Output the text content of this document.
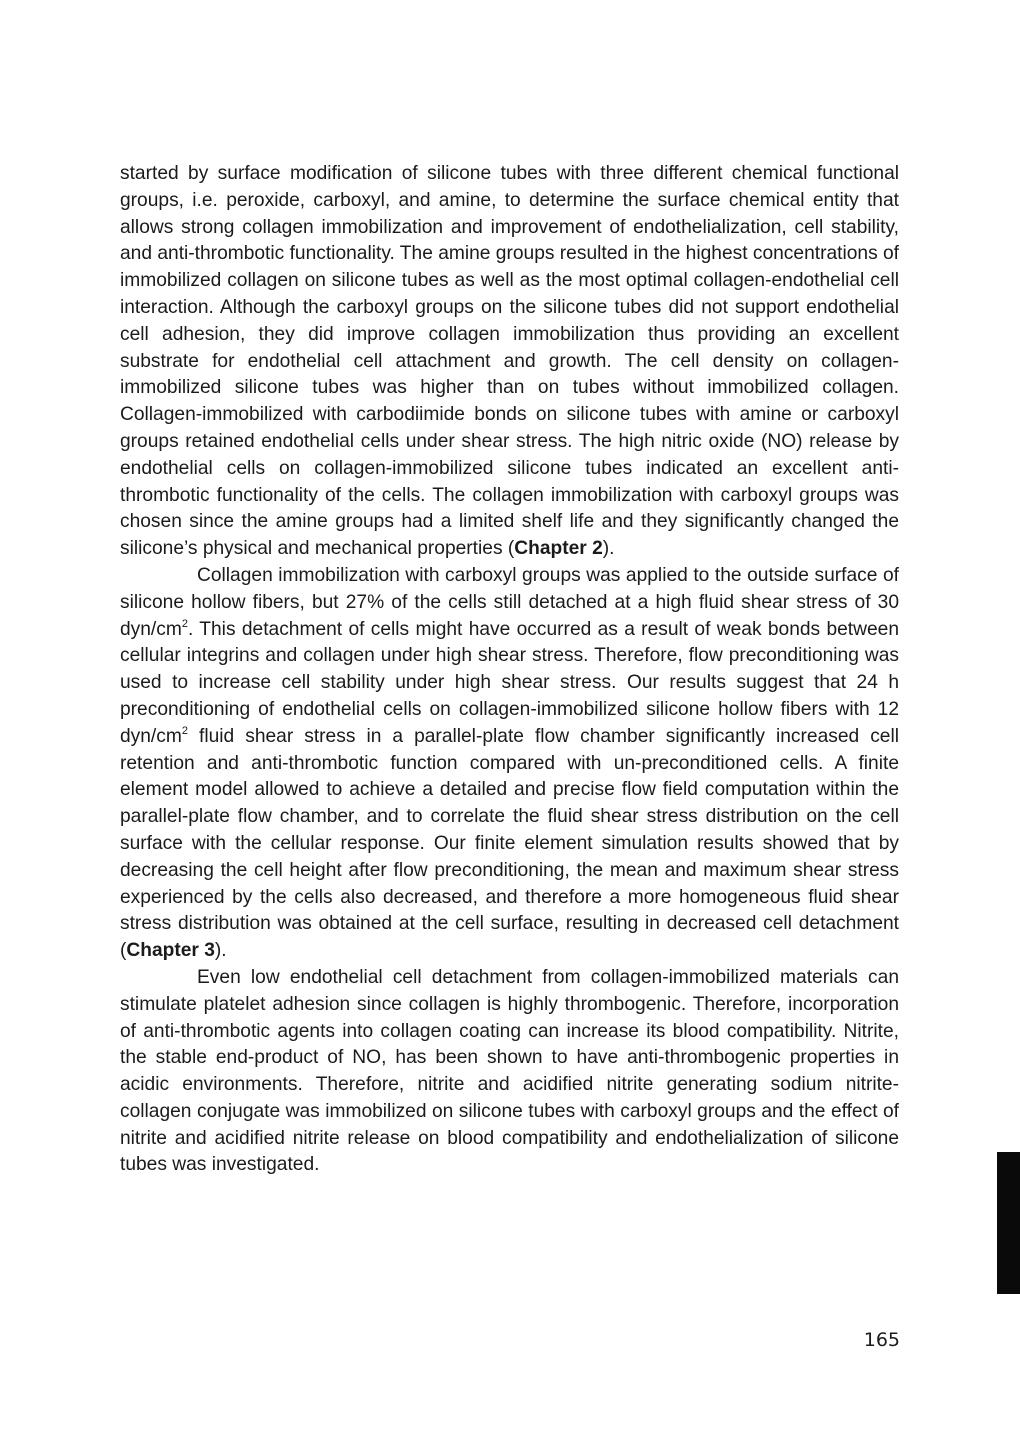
started by surface modification of silicone tubes with three different chemical functional groups, i.e. peroxide, carboxyl, and amine, to determine the surface chemical entity that allows strong collagen immobilization and improvement of endothelialization, cell stability, and anti-thrombotic functionality. The amine groups resulted in the highest concentrations of immobilized collagen on silicone tubes as well as the most optimal collagen-endothelial cell interaction. Although the carboxyl groups on the silicone tubes did not support endothelial cell adhesion, they did improve collagen immobilization thus providing an excellent substrate for endothelial cell attachment and growth. The cell density on collagen-immobilized silicone tubes was higher than on tubes without immobilized collagen. Collagen-immobilized with carbodiimide bonds on silicone tubes with amine or carboxyl groups retained endothelial cells under shear stress. The high nitric oxide (NO) release by endothelial cells on collagen-immobilized silicone tubes indicated an excellent anti-thrombotic functionality of the cells. The collagen immobilization with carboxyl groups was chosen since the amine groups had a limited shelf life and they significantly changed the silicone’s physical and mechanical properties (Chapter 2).

Collagen immobilization with carboxyl groups was applied to the outside surface of silicone hollow fibers, but 27% of the cells still detached at a high fluid shear stress of 30 dyn/$cm^2$. This detachment of cells might have occurred as a result of weak bonds between cellular integrins and collagen under high shear stress. Therefore, flow preconditioning was used to increase cell stability under high shear stress. Our results suggest that 24 h preconditioning of endothelial cells on collagen-immobilized silicone hollow fibers with 12 dyn/$cm^2$ fluid shear stress in a parallel-plate flow chamber significantly increased cell retention and anti-thrombotic function compared with un-preconditioned cells. A finite element model allowed to achieve a detailed and precise flow field computation within the parallel-plate flow chamber, and to correlate the fluid shear stress distribution on the cell surface with the cellular response. Our finite element simulation results showed that by decreasing the cell height after flow preconditioning, the mean and maximum shear stress experienced by the cells also decreased, and therefore a more homogeneous fluid shear stress distribution was obtained at the cell surface, resulting in decreased cell detachment (Chapter 3).

Even low endothelial cell detachment from collagen-immobilized materials can stimulate platelet adhesion since collagen is highly thrombogenic. Therefore, incorporation of anti-thrombotic agents into collagen coating can increase its blood compatibility. Nitrite, the stable end-product of NO, has been shown to have anti-thrombogenic properties in acidic environments. Therefore, nitrite and acidified nitrite generating sodium nitrite-collagen conjugate was immobilized on silicone tubes with carboxyl groups and the effect of nitrite and acidified nitrite release on blood compatibility and endothelialization of silicone tubes was investigated.

165
